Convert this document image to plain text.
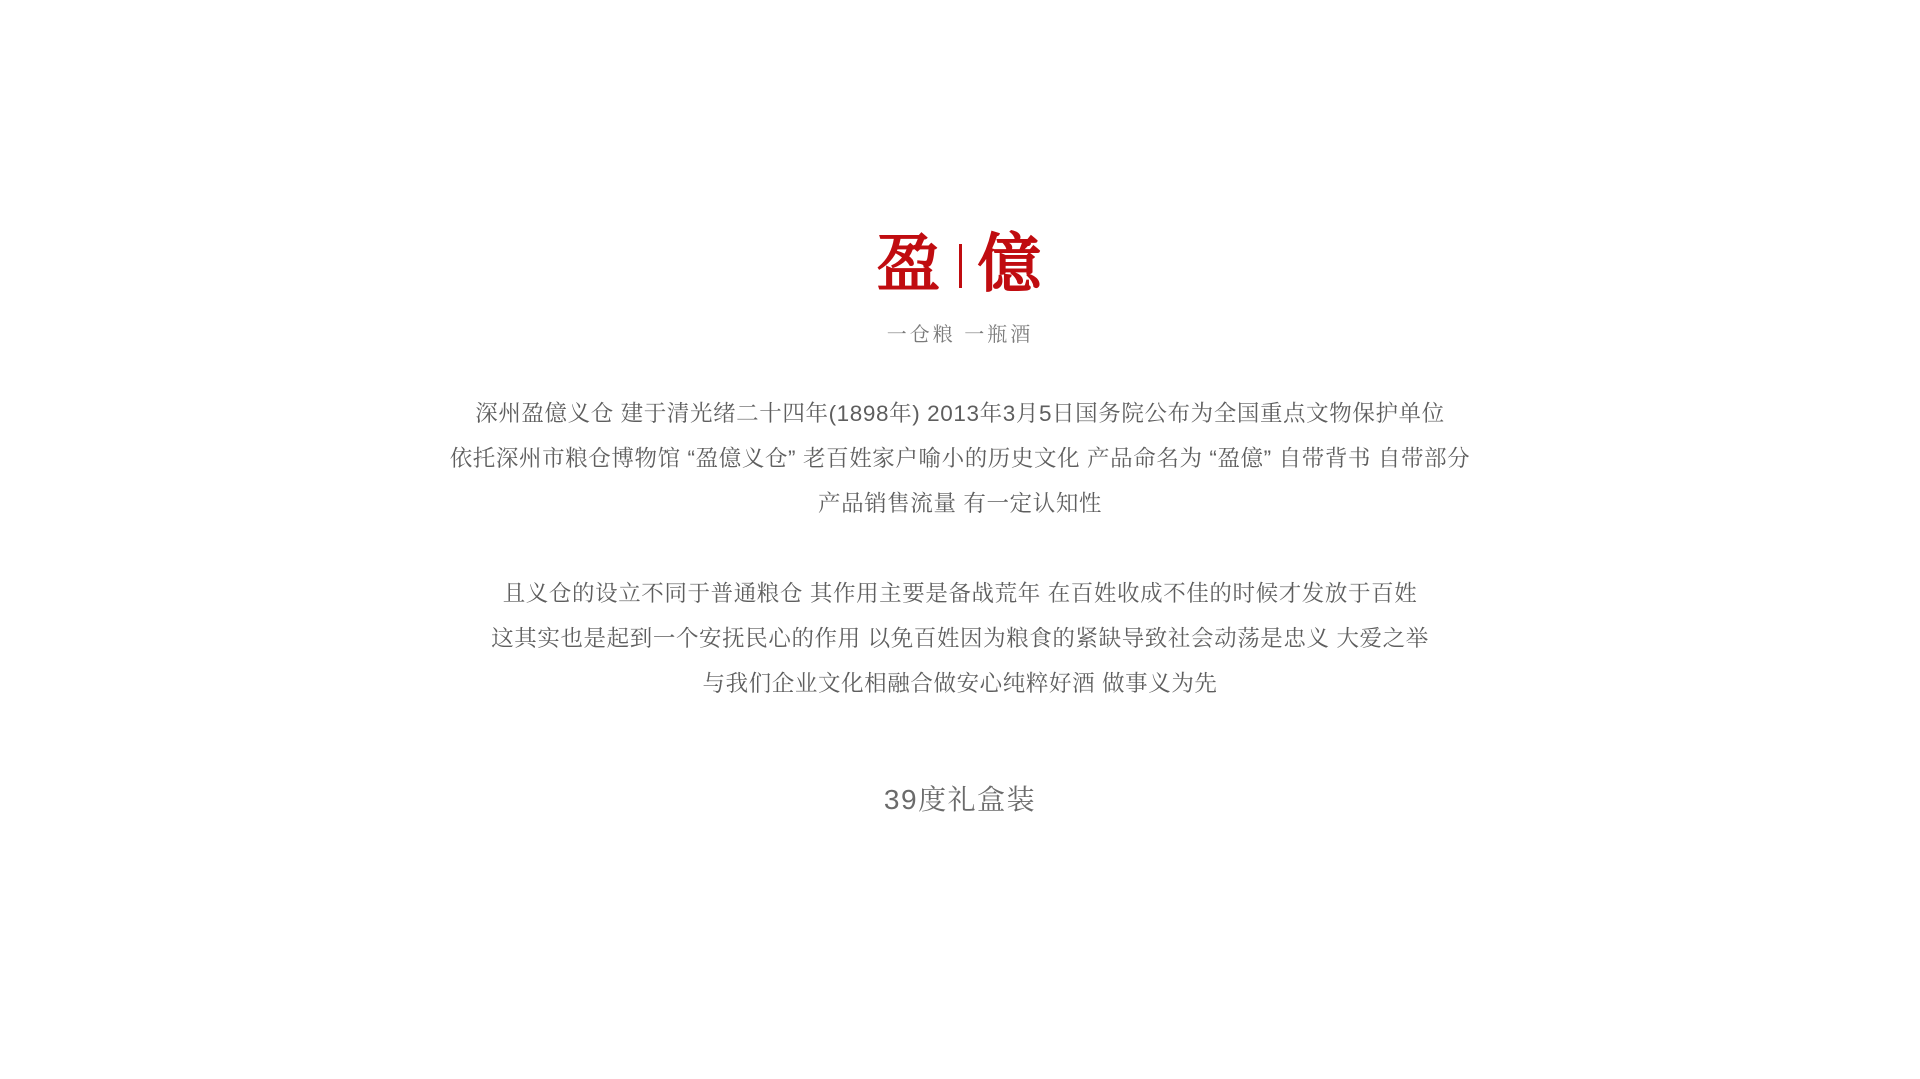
盈 億
一仓粮 一瓶酒

深州盈億义仓 建于清光绪二十四年(1898年) 2013年3月5日国务院公布为全国重点文物保护单位

依托深州市粮仓博物馆 “盈億义仓” 老百姓家户喻小的历史文化 产品命名为 “盈億” 自带背书 自带部分

产品销售流量 有一定认知性

且义仓的设立不同于普通粮仓 其作用主要是备战荒年 在百姓收成不佳的时候才发放于百姓

这其实也是起到一个安抚民心的作用 以免百姓因为粮食的紧缺导致社会动荡是忠义 大爱之举

与我们企业文化相融合做安心纯粹好酒 做事义为先

39度礼盒装
